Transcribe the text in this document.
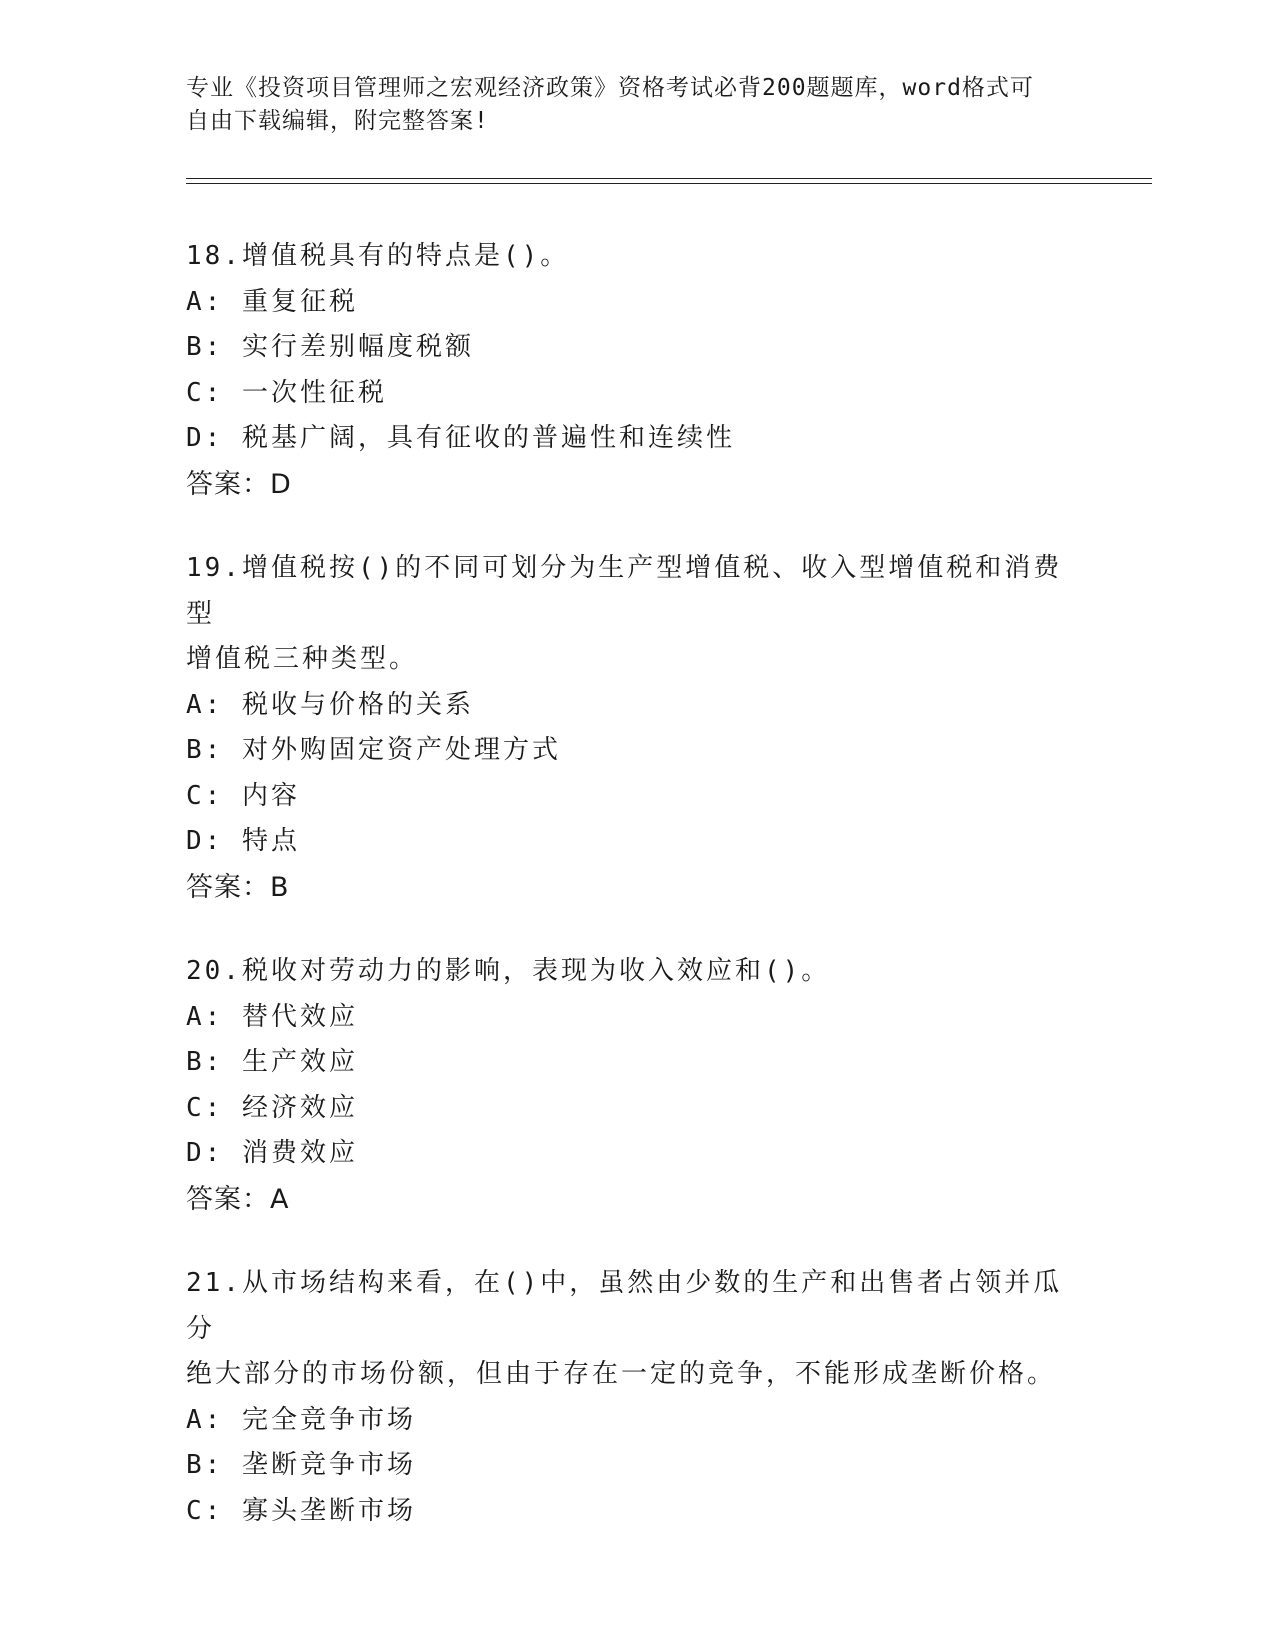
专业《投资项目管理师之宏观经济政策》资格考试必背200题题库，word格式可
自由下载编辑，附完整答案!

18.增值税具有的特点是()。

A: 重复征税

B: 实行差别幅度税额

C: 一次性征税

D: 税基广阔，具有征收的普遍性和连续性

答案：D

19.增值税按()的不同可划分为生产型增值税、收入型增值税和消费型

增值税三种类型。

A: 税收与价格的关系

B: 对外购固定资产处理方式

C: 内容

D: 特点

答案：B

20.税收对劳动力的影响，表现为收入效应和()。

A: 替代效应

B: 生产效应

C: 经济效应

D: 消费效应

答案：A

21.从市场结构来看，在()中，虽然由少数的生产和出售者占领并瓜分

绝大部分的市场份额，但由于存在一定的竞争，不能形成垄断价格。

A: 完全竞争市场

B: 垄断竞争市场

C: 寡头垄断市场
